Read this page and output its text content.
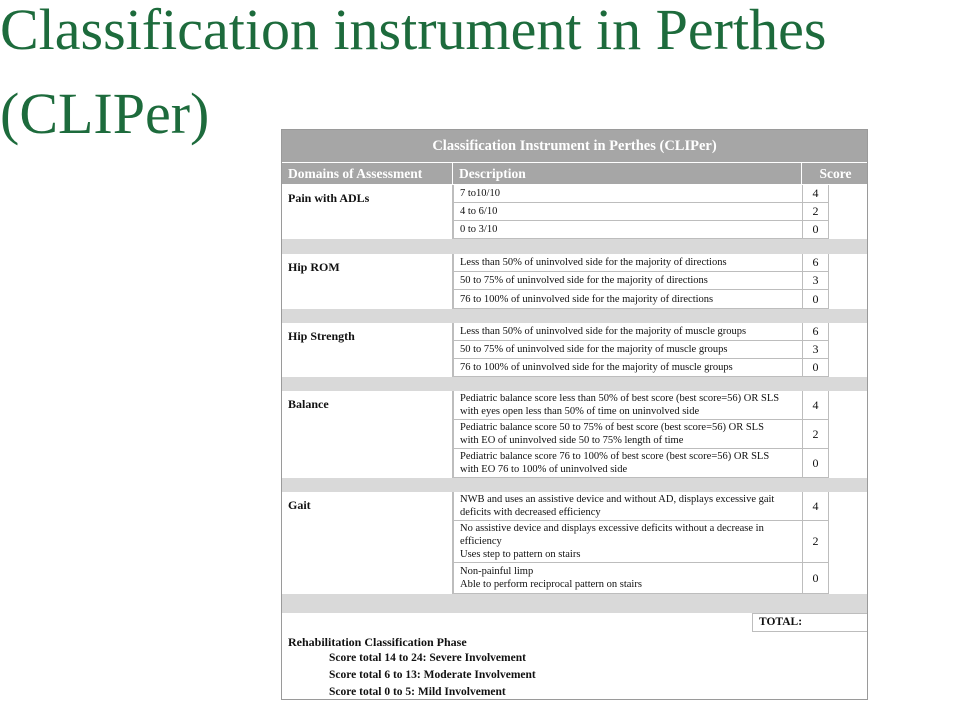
Classification instrument in Perthes
(CLIPer)	Classification Instrument in Perthes (CLIPer)
Domains of Assessment	Description	Score
Pain with ADLs	7 to10/10	4
4 to 6/10	2
0 to 3/10	0
Hip ROM	Less than 50% of uninvolved side for the majority of directions	6
50 to 75% of uninvolved side for the majority of directions	3
76 to 100% of uninvolved side for the majority of directions	0
Hip Strength	Less than 50% of uninvolved side for the majority of muscle groups	6
50 to 75% of uninvolved side for the majority of muscle groups	3
76 to 100% of uninvolved side for the majority of muscle groups	0
Balance	Pediatric balance score less than 50% of best score (best score=56) OR SLS
with eyes open less than 50% of time on uninvolved side	4
Pediatric balance score 50 to 75% of best score (best score=56) OR SLS
with EO of uninvolved side 50 to 75% length of time	2
Pediatric balance score 76 to 100% of best score (best score=56) OR SLS
with EO 76 to 100% of uninvolved side	0
Gait	NWB and uses an assistive device and without AD, displays excessive gait
deficits with decreased efficiency	4
No assistive device and displays excessive deficits without a decrease in
efficiency
Uses step to pattern on stairs
2
Non-painful limp
Able to perform reciprocal pattern on stairs	0
TOTAL:
Rehabilitation Classification Phase
Score total 14 to 24: Severe Involvement
Score total 6 to 13: Moderate Involvement
Score total 0 to 5: Mild Involvement
